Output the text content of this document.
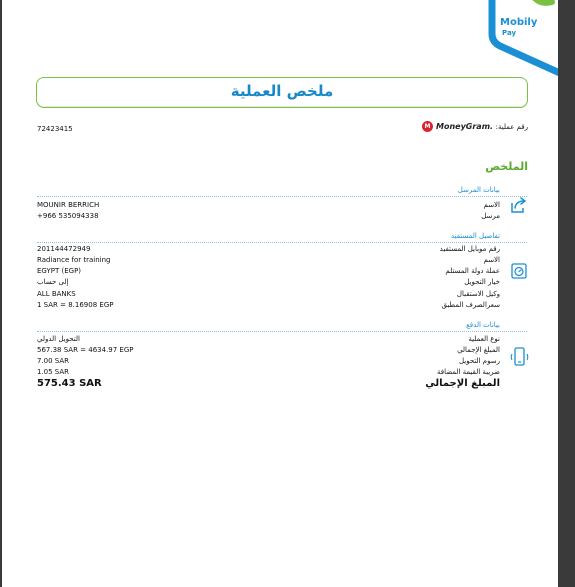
Mobily
Pay
ملخص العملية
72423415	M MoneyGram. رقم عملية:
الملخص
بيانات المرسل
MOUNIR BERRICH	الاسم
+966 535094338	مرسل
تفاصيل المستفيد
201144472949	رقم موبايل المستفيد
Radiance for training	الاسم
EGYPT (EGP)	عملة دولة المستلم
إلى حساب	خيار التحويل
ALL BANKS	وكيل الاستقبال
1 SAR = 8.16908 EGP	سعرالصرف المطبق
بيانات الدفع
التحويل الدولي	نوع العملية
567.38 SAR = 4634.97 EGP	المبلغ الإجمالي
7.00 SAR	رسوم التحويل
1.05 SAR	ضريبة القيمة المضافة
575.43 SAR	المبلغ الإجمالي
